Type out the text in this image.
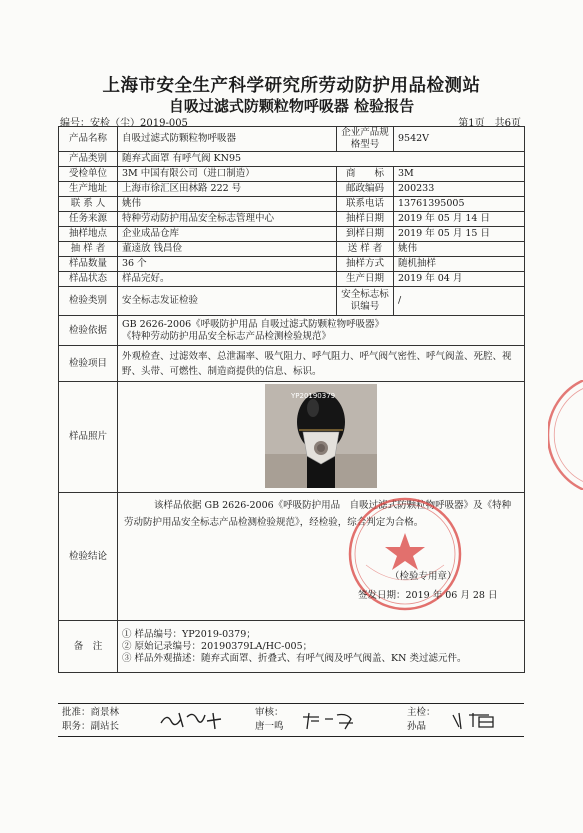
上海市安全生产科学研究所劳动防护用品检测站
自吸过滤式防颗粒物呼吸器 检验报告
编号：安检（尘）2019-005	第1页　共6页
产品名称	自吸过滤式防颗粒物呼吸器	企业产品规格型号	9542V
产品类别	随弃式面罩 有呼气阀 KN95		
受检单位	3M 中国有限公司（进口制造）	商　　标	3M
生产地址	上海市徐汇区田林路 222 号	邮政编码	200233
联 系 人	姚伟	联系电话	13761395005
任务来源	特种劳动防护用品安全标志管理中心	抽样日期	2019 年 05 月 14 日
抽样地点	企业成品仓库	到样日期	2019 年 05 月 15 日
抽 样 者	董逵放 钱昌俭	送 样 者	姚伟
样品数量	36 个	抽样方式	随机抽样
样品状态	样品完好。	生产日期	2019 年 04 月
检验类别	安全标志发证检验	安全标志标识编号	/
检验依据	GB 2626-2006《呼吸防护用品 自吸过滤式防颗粒物呼吸器》
《特种劳动防护用品安全标志产品检测检验规范》		

检验项目	外观检查、过滤效率、总泄漏率、吸气阻力、呼气阻力、呼气阀气密性、呼气阀盖、死腔、视野、头带、可燃性、制造商提供的信息、标识。		
样品照片	YP20190379		

检验结论	该样品依据 GB 2626-2006《呼吸防护用品　自吸过滤式防颗粒物呼吸器》及《特种劳动防护用品安全标志产品检测检验规范》，经检验，综合判定为合格。
（检验专用章）
签发日期：2019 年 06 月 28 日		

备　注	① 样品编号：YP2019-0379；
② 原始记录编号：20190379LA/HC-005；
③ 样品外观描述：随弃式面罩、折叠式、有呼气阀及呼气阀盖、KN 类过滤元件。		
批准：商景林
职务：副站长

审核：
唐一鸣

主检：
孙晶
